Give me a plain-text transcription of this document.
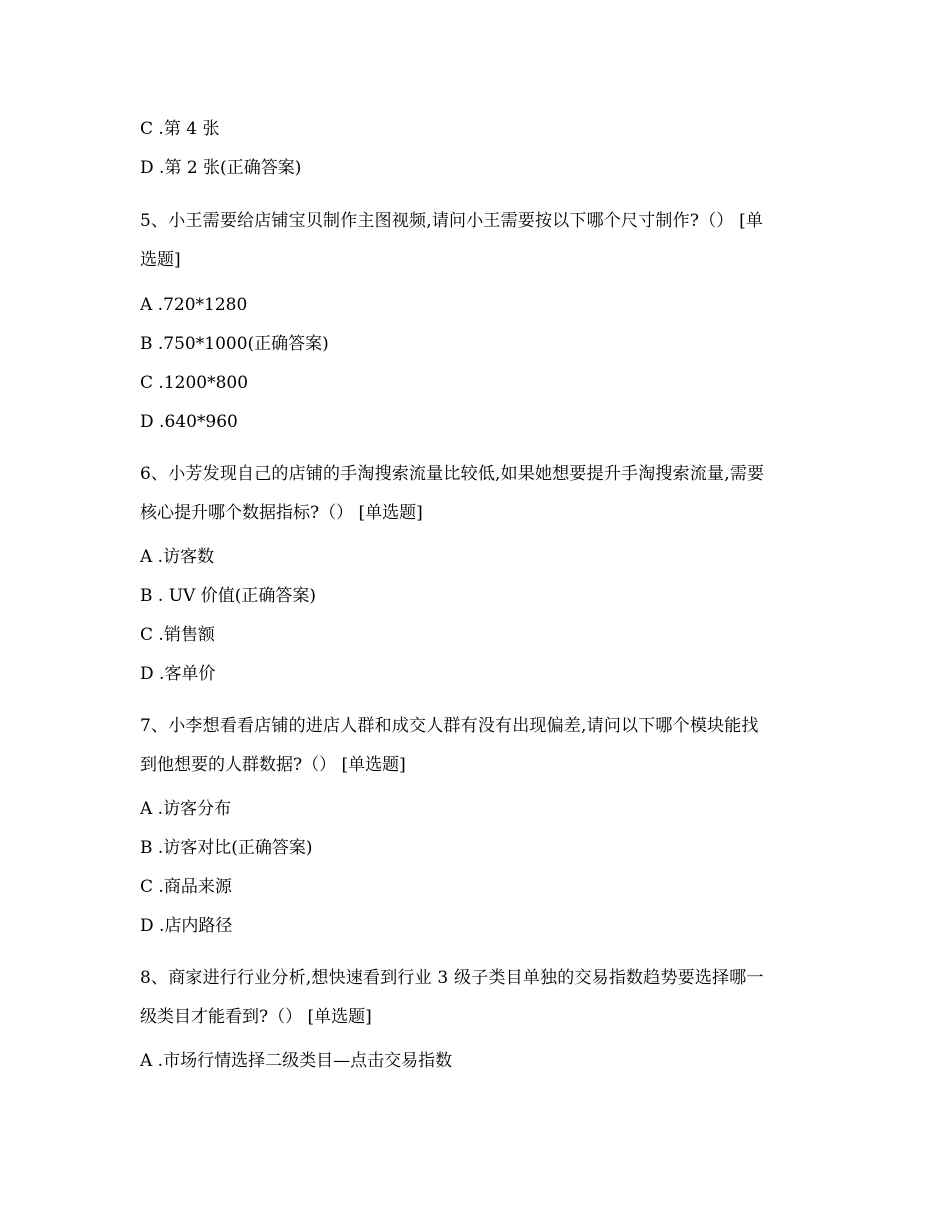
C .第 4 张
D .第 2 张(正确答案)
5、小王需要给店铺宝贝制作主图视频,请问小王需要按以下哪个尺寸制作?（） [单
选题]
A .720*1280
B .750*1000(正确答案)
C .1200*800
D .640*960
6、小芳发现自己的店铺的手淘搜索流量比较低,如果她想要提升手淘搜索流量,需要
核心提升哪个数据指标?（） [单选题]
A .访客数
B . UV 价值(正确答案)
C .销售额
D .客单价
7、小李想看看店铺的进店人群和成交人群有没有出现偏差,请问以下哪个模块能找
到他想要的人群数据?（） [单选题]
A .访客分布
B .访客对比(正确答案)
C .商品来源
D .店内路径
8、商家进行行业分析,想快速看到行业 3 级子类目单独的交易指数趋势要选择哪一
级类目才能看到?（） [单选题]
A .市场行情选择二级类目—点击交易指数
